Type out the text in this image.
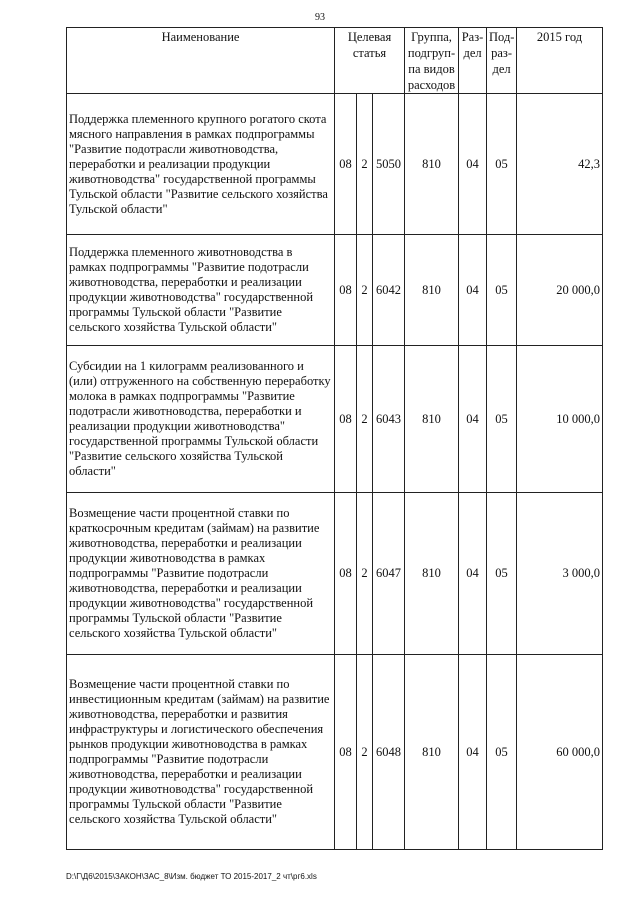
93
Наименование	Целевая статья			Группа, подгруп-па видов расходов	Раз-дел	Под-раз-дел	2015 год
Поддержка племенного крупного рогатого скота мясного направления в рамках подпрограммы "Развитие подотрасли животноводства, переработки и реализации продукции животноводства" государственной программы Тульской области "Развитие сельского хозяйства Тульской области"	08	2	5050	810	04	05	42,3
Поддержка племенного животноводства в рамках подпрограммы "Развитие подотрасли животноводства, переработки и реализации продукции животноводства" государственной программы Тульской области "Развитие сельского хозяйства Тульской области"	08	2	6042	810	04	05	20 000,0
Субсидии на 1 килограмм реализованного и (или) отгруженного на собственную переработку молока в рамках подпрограммы "Развитие подотрасли животноводства, переработки и реализации продукции животноводства" государственной программы Тульской области "Развитие сельского хозяйства Тульской области"	08	2	6043	810	04	05	10 000,0
Возмещение части процентной ставки по краткосрочным кредитам (займам) на развитие животноводства, переработки и реализации продукции животноводства в рамках подпрограммы "Развитие подотрасли животноводства, переработки и реализации продукции животноводства" государственной программы Тульской области "Развитие сельского хозяйства Тульской области"	08	2	6047	810	04	05	3 000,0
Возмещение части процентной ставки по инвестиционным кредитам (займам) на развитие животноводства, переработки и развития инфраструктуры и логистического обеспечения рынков продукции животноводства в рамках подпрограммы "Развитие подотрасли животноводства, переработки и реализации продукции животноводства" государственной программы Тульской области "Развитие сельского хозяйства Тульской области"	08	2	6048	810	04	05	60 000,0
D:\Г\Д6\2015\ЗАКОН\ЗАС_8\Изм. бюджет ТО 2015-2017_2 чт\рг6.xls
